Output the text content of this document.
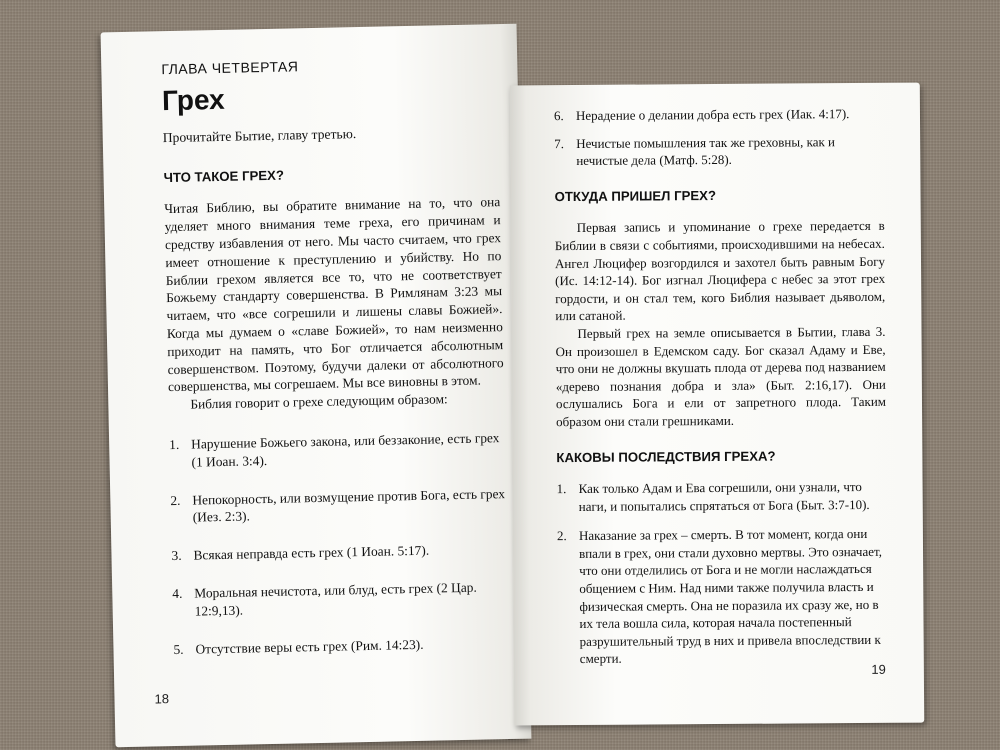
ГЛАВА ЧЕТВЕРТАЯ
Грех
Прочитайте Бытие, главу третью.
ЧТО ТАКОЕ ГРЕХ?

Читая Библию, вы обратите внимание на то, что она уделяет много внимания теме греха, его причинам и средству избавления от него. Мы часто считаем, что грех имеет отношение к преступлению и убийству. Но по Библии грехом является все то, что не соответствует Божьему стандарту совершенства. В Римлянам 3:23 мы читаем, что «все согрешили и лишены славы Божией». Когда мы думаем о «славе Божией», то нам неизменно приходит на память, что Бог отличается абсолютным совершенством. Поэтому, будучи далеки от абсолютного совершенства, мы согрешаем. Мы все виновны в этом.

Библия говорит о грехе следующим образом:

1. Нарушение Божьего закона, или беззаконие, есть грех (1 Иоан. 3:4).
2. Непокорность, или возмущение против Бога, есть грех (Иез. 2:3).
3. Всякая неправда есть грех (1 Иоан. 5:17).
4. Моральная нечистота, или блуд, есть грех (2 Цар. 12:9,13).
5. Отсутствие веры есть грех (Рим. 14:23).
18
6. Нерадение о делании добра есть грех (Иак. 4:17).
7. Нечистые помышления так же греховны, как и нечистые дела (Матф. 5:28).
ОТКУДА ПРИШЕЛ ГРЕХ?

Первая запись и упоминание о грехе передается в Библии в связи с событиями, происходившими на небесах. Ангел Люцифер возгордился и захотел быть равным Богу (Ис. 14:12-14). Бог изгнал Люцифера с небес за этот грех гордости, и он стал тем, кого Библия называет дьяволом, или сатаной.

Первый грех на земле описывается в Бытии, глава 3. Он произошел в Едемском саду. Бог сказал Адаму и Еве, что они не должны вкушать плода от дерева под названием «дерево познания добра и зла» (Быт. 2:16,17). Они ослушались Бога и ели от запретного плода. Таким образом они стали грешниками.

КАКОВЫ ПОСЛЕДСТВИЯ ГРЕХА?
1. Как только Адам и Ева согрешили, они узнали, что наги, и попытались спрятаться от Бога (Быт. 3:7-10).
2. Наказание за грех – смерть. В тот момент, когда они впали в грех, они стали духовно мертвы. Это означает, что они отделились от Бога и не могли наслаждаться общением с Ним. Над ними также получила власть и физическая смерть. Она не поразила их сразу же, но в их тела вошла сила, которая начала постепенный разрушительный труд в них и привела впоследствии к смерти.
19
